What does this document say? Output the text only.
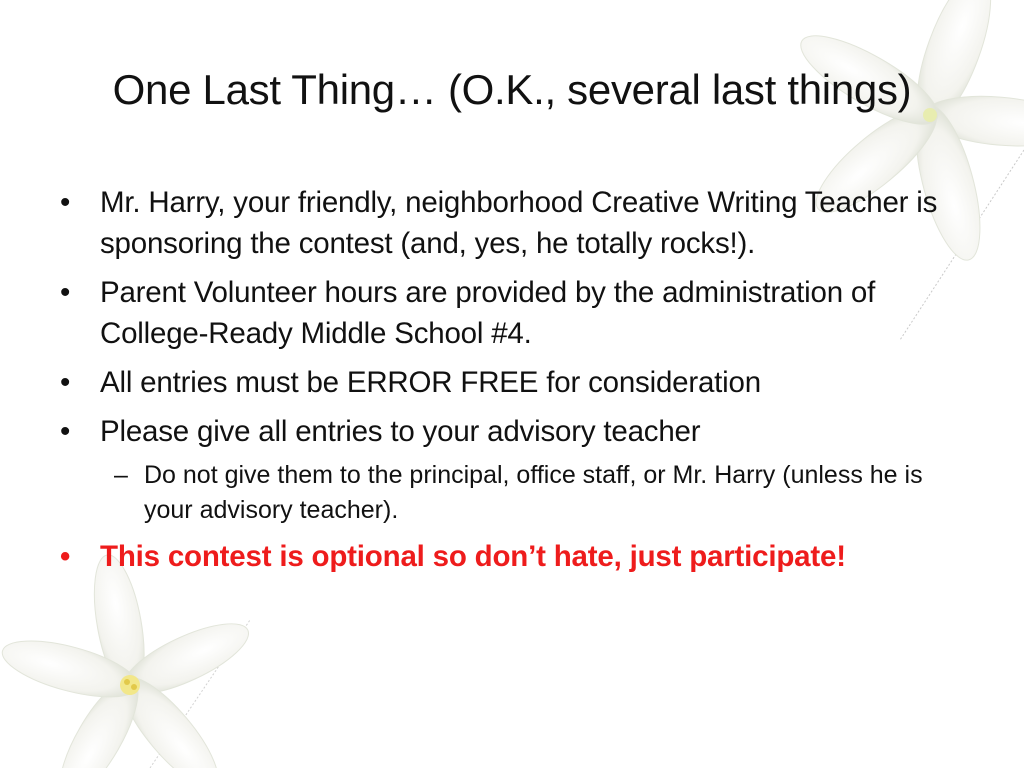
One Last Thing… (O.K., several last things)
• Mr. Harry, your friendly, neighborhood Creative Writing Teacher is sponsoring the contest (and, yes, he totally rocks!).
• Parent Volunteer hours are provided by the administration of College-Ready Middle School #4.
• All entries must be ERROR FREE for consideration
• Please give all entries to your advisory teacher
– Do not give them to the principal, office staff, or Mr. Harry (unless he is your advisory teacher).
• This contest is optional so don’t hate, just participate!
